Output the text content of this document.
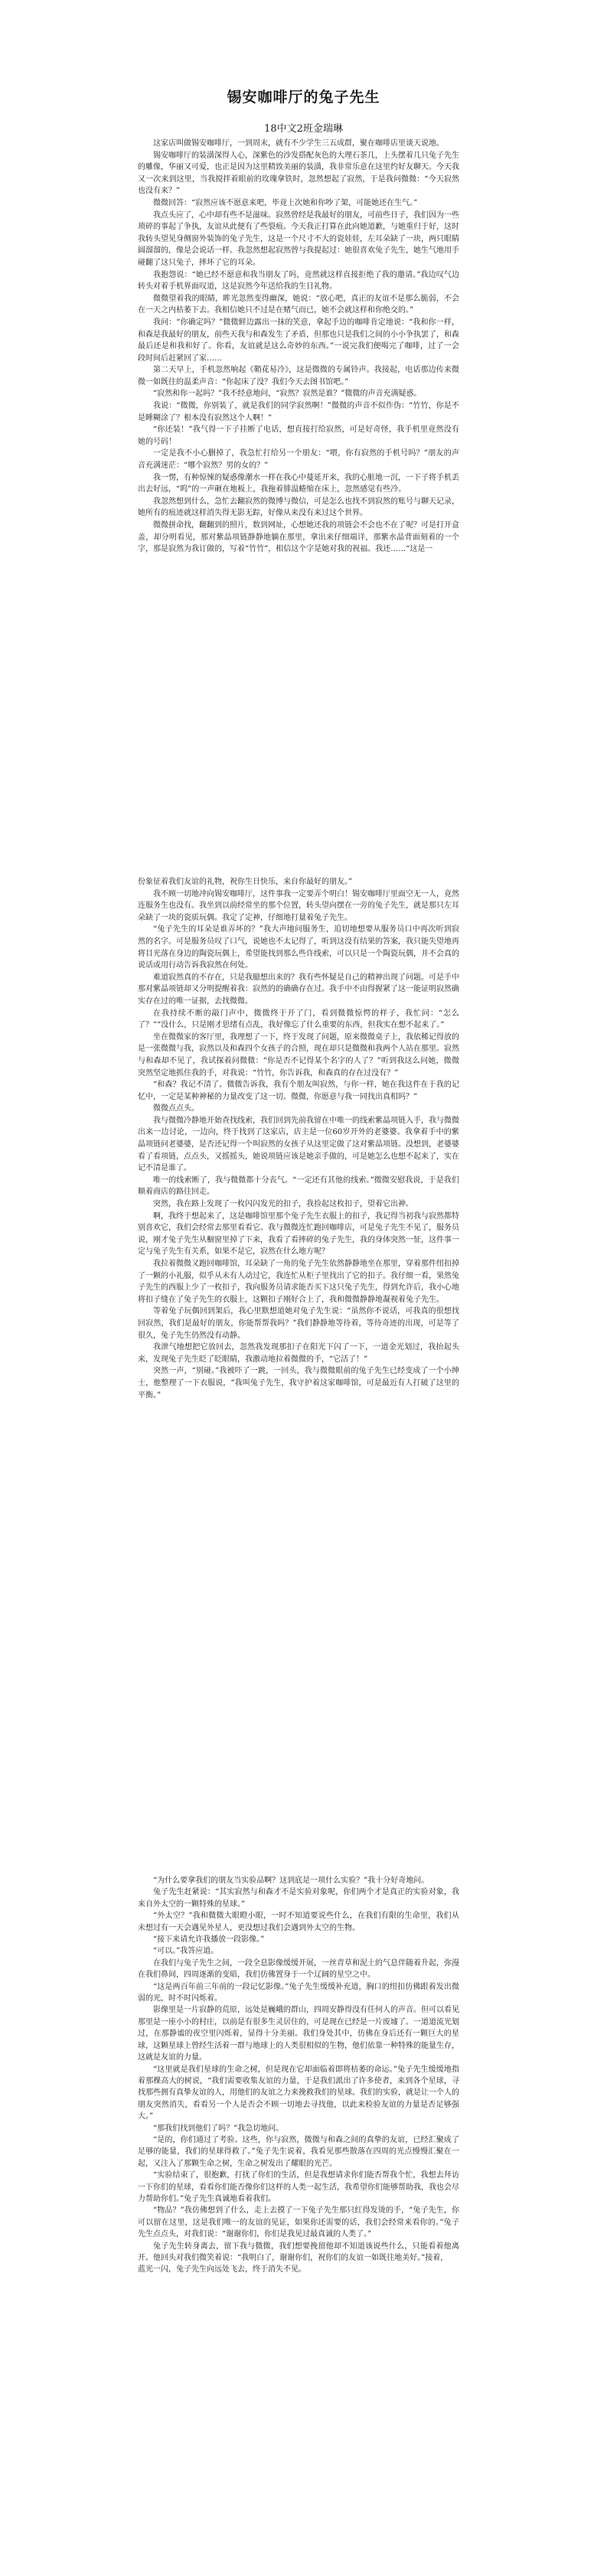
锡安咖啡厅的兔子先生
18中文2班金瑞琳

这家店叫做锡安咖啡厅，一到周末，就有不少学生三五成群，聚在咖啡店里谈天说地。

锡安咖啡厅的装潢深得人心，深紫色的沙发搭配灰色的大理石茶几，上头摆着几只兔子先生的雕像，华丽又可爱，也正是因为这里精致美丽的装潢，我非常乐意在这里约好友聊天。今天我又一次来到这里，当我搅拌着眼前的玫瑰拿铁时，忽然想起了寂然，于是我问微微：“今天寂然也没有来？”

微微回答：“寂然应该不愿意来吧，毕竟上次她和你吵了架，可能她还在生气。”

我点头应了，心中却有些不是滋味。寂然曾经是我最好的朋友，可前些日子，我们因为一些琐碎的事起了争执，友谊从此便有了些裂痕。今天我正打算在此向她道歉，与她重归于好，这时我转头望见身侧窗外装饰的兔子先生，这是一个尺寸不大的瓷娃娃，左耳朵缺了一块，两只眼睛圆溜溜的，像是会说话一样。我忽然想起寂然曾与我提起过：她很喜欢兔子先生，她生气地用手碰翻了这只兔子，摔坏了它的耳朵。

我抱怨说：“她已经不愿意和我当朋友了吗，竟然就这样直接拒绝了我的邀请。”我边叹气边转头对着手机界面叹道，这是寂然今年送给我的生日礼物。

微微望着我的眼睛，眸光忽然变得幽深，她说：“放心吧，真正的友谊不是那么脆弱，不会在一天之内枯萎下去。我相信她只不过是在赌气而已，她不会就这样和你绝交的。”

我问：“你确定吗？”微微鲜边露出一抹的笑意，拿起手边的咖啡肯定地说：“我和你一样，和森是我最好的朋友，前些天我与和森发生了矛盾，但那也只是我们之间的小小争执罢了，和森最后还是和我和好了。你看，友谊就是这么奇妙的东西。”一说完我们便喝完了咖啡，过了一会段时间后赶紧回了家……

第二天早上，手机忽然响起《鞘花易冷》，这是微微的专属铃声。我接起，电话那边传来微微一如既往的温柔声音：“你起床了没？我们今天去图书馆吧。”

“寂然和你一起吗？”我不经意地问，“寂然？寂然是谁？”微微的声音充满疑惑。

我说：“微微，你别装了，就是我们的同学寂然啊！”微微的声音不似作伪：“竹竹，你是不是睡糊涂了？根本没有寂然这个人啊！”

“你还装！”我气得一下子挂断了电话，想直接打给寂然，可是好奇怪，我手机里竟然没有她的号码！

一定是我不小心删掉了，我急忙打给另一个朋友：“喂，你有寂然的手机号吗？”朋友的声音充满迷茫：“哪个寂然？男的女的？”

我一愣，有种惊悚的疑惑像潮水一样在我心中蔓延开来，我的心脏地一沉，一下子将手机丢出去好远，“呜”的一声砸在地板上，我拖着腓温蜷缩在床上，忽然感觉有些冷。

我忽然想到什么，急忙去翻寂然的微博与微信，可是怎么也找不到寂然的账号与聊天记录，她所有的痕迹就这样消失得无影无踪，好像从来没有来过这个世界。

微微拼命找，翻翻到的照片，数到网址，心想她还我的项链会不会也不在了呢？可是打开盒盖，却分明看见，那对紫晶项链静静地躺在那里，拿出来仔细端详，那紫水晶背面刻着的一个字，那是寂然为我订做的，写着“竹竹”，相信这个字是她对我的祝福。我还……“这是一

份象征着我们友谊的礼物，祝你生日快乐，来自你最好的朋友。”

我不顾一切地冲向锡安咖啡厅，这件事我一定要弄个明白！锡安咖啡厅里面空无一人，竟然连服务生也没有。我坐到以前经常坐的那个位置，转头望向摆在一旁的兔子先生，就是那只左耳朵缺了一块的瓷质玩偶。我定了定神，仔细地打量着兔子先生。

“兔子先生的耳朵是谁弄坏的？”我大声地问服务生，追切地想要从服务员口中再次听到寂然的名字。可是服务员叹了口气，说她也不太记得了，听到这没有结果的答案，我只能失望地再将目光落在身边的陶瓷玩偶上，希望能找到那么些许线索，可以只是一个陶瓷玩偶，并不会真的说话或用行动告诉我寂然在何处。

难道寂然真的不存在，只是我臆想出来的？我有些怀疑是自己的精神出现了问题。可是手中那对紫晶项链却又分明提醒着我：寂然的的确确存在过。我手中不由得握紧了这一能证明寂然确实存在过的唯一证据，去找微微。

在我持续不断的敲门声中，微微终于开了门，看到微微惊愕的样子，我忙问：“怎么了？”“没什么，只是刚才思绪有点乱，我好像忘了什么重要的东西，但我实在想不起来了。”

坐在微微家的客厅里，我理想了一下，终于发现了问题，原来微微桌子上，我依稀记得放的是一张微微与我，寂然以及和森四个女孩子的合照，现在却只是微微和我两个人站在那里。寂然与和森却不见了，我试探着问微微：“你是否不记得某个名字的人了？”听到我这么问她，微微突然坚定地抓住我的手，对我说：“竹竹，你告诉我，和森真的存在过没有？”

“和森？我记不清了。微微告诉我，我有个朋友叫寂然，与你一样，她在我这件在于我的记忆中，一定是某种神秘的力量改变了这一切。微微，你愿意与我一同找出真相吗？”

微微点点头。

我与微微冷静地开始查找线索，我们回到先前我留在中唯一的线索紫晶项链入手，我与微微出来一边讨论，一边向，终于找到了这家店，店主是一位60岁开外的老婆婆。我拿着手中的紫晶项链问老婆婆，是否还记得一个叫寂然的女孩子从这里定做了这对紫晶项链。没想到，老婆婆看了看项链，点点头，又摇摇头，她说项链应该是她亲手做的，可是她怎么也想不起来了，实在记不清是谁了。

唯一的线索断了，我与微微都十分丧气。“一定还有其他的线索。”微微安慰我说，于是我们顺着商店的路往回走。

突然，我在路上发现了一枚闪闪发光的扣子，我捡起这枚扣子，望着它出神。

啊，我终于想起来了，这是咖啡馆里那个兔子先生衣服上的扣子，我记得当初我与寂然都特别喜欢它，我们会经常去那里看看它。我与微微连忙跑回咖啡店，可是兔子先生不见了，服务员说，刚才兔子先生从橱窗里掉了下来，我看了看摔碎的兔子先生，我的身体突然一怔，这件事一定与兔子先生有关系，如果不是它，寂然在什么地方呢？

我拉着微微又跑回咖啡馆，耳朵缺了一角的兔子先生依然静静地坐在那里，穿着那件纽扣掉了一颗的小礼服，似乎从未有人动过它，我连忙从柜子里找出了它的扣子。我仔细一看，果然兔子先生的西服上少了一枚扣子，我向服务员请求能否买下这只兔子先生，得到允许后，我小心地将扣子缝在了兔子先生的衣服上，这颗扣子刚好合上了，我和微微静静地凝视着兔子先生。

等着兔子玩偶回到架后，我心里默想道她对兔子先生说：“虽然你不说话，可我真的很想找回寂然，我们是最好的朋友，你能帮帮我吗？”我们静静地等待着，等待奇迹的出现，可是等了很久，兔子先生仍然没有动静。

我泄气地想把它放回去，忽然我发现那扣子在阳光下闪了一下，一道金光划过，我抬起头来，发现兔子先生眨了眨眼睛，我激动地拉着微微的手，“它活了！”

突然一声，“别碰。”我被吓了一跳，一回头，我与微微眼前的兔子先生已经变成了一个小绅士，他整理了一下衣服说，“我叫兔子先生，我守护着这家咖啡馆，可是最近有人打破了这里的平衡。”

“为什么要拿我们的朋友当实验品啊？这到底是一项什么实验？”我十分好奇地问。

兔子先生赶紧说：“其实寂然与和森才不是实验对象呢，你们两个才是真正的实验对象，我来自外太空的一颗特殊的星球。”

“外太空？”我和微微大眼瞪小眼，一时不知道要说些什么，在我们有限的生命里，我们从未想过有一天会遇见外星人，更没想过我们会遇到外太空的生物。

“接下来请允许我播放一段影像。”

“可以。”我答应道。

在我们与兔子先生之间，一段全息影像缓缓开展，一丝青草和泥土的气息伴随着升起，弥漫在我们鼻间，四周逐渐的变暗，我们仿佛置身于一个辽阔的星空之中。

“这是两百年前三年前的一段记忆影像。”兔子先生缓缓补充道，胸口的纽扣仿佛跟着发出微弱的光，时不时闪烁着。

影像里是一片寂静的荒原，远处是巍峨的群山，四周安静得没有任何人的声音。但可以看见那里是一座小小的村庄，以前是有很多生灵居住的，可是现在已经是一片废墟了。一道道流光划过，在那静谧的夜空里闪烁着，显得十分美丽。我们身处其中，仿佛在身后还有一颗巨大的星球，这颗星球上曾经生活着一群与地球上的人类很相似的生物，他们依靠一种特殊的能量生存，这就是友谊的力量。

“这里就是我们星球的生命之树，但是现在它却面临着即将枯萎的命运。”兔子先生缓缓地指着那棵高大的树说，“我们需要收集友谊的力量，于是我们派出了许多使者，来到各个星球，寻找那些拥有真挚友谊的人，用他们的友谊之力来挽救我们的星球。我们的实验，就是让一个人的朋友突然消失，看看另一个人是否会不顾一切地去寻找他，以此来检验友谊的力量是否足够强大。”

“那我们找到他们了吗？”我急切地问。

“是的，你们通过了考验。这些，你与寂然，微微与和森之间的真挚的友谊，已经汇聚成了足够的能量，我们的星球得救了。”兔子先生说着，我看见那些散落在四周的光点慢慢汇聚在一起，又注入了那颗生命之树，生命之树发出了耀眼的光芒。

“实验结束了，很抱歉，打扰了你们的生活，但是我想请求你们能否帮我个忙，我想去拜访一下你们的星球，看看你们能否像你们这样的人类一起生活，我希望你们能够帮助我，我也会尽力帮助你们。”兔子先生真诚地看着我们。

“物品？”我仿佛想到了什么，走上去摸了一下兔子先生那只红得发烫的手，“兔子先生，你可以留在这里，这是我们唯一的友谊的见证，如果你还需要的话，我们会经常来看你的。”兔子先生点点头，对我们说：“谢谢你们，你们是我见过最真诚的人类了。”

兔子先生转身离去，留下我与微微，我们想要挽留他却不知道该说些什么，只能看着他离开。他回头对我们微笑着说：“我明白了，谢谢你们，祝你们的友谊一如既往地美好。”接着，

蓝光一闪，兔子先生向远处飞去，终于消失不见。
